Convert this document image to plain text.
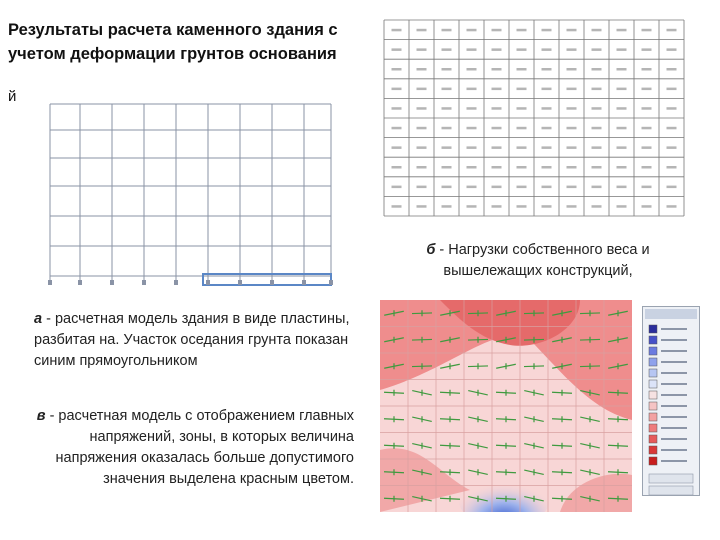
Результаты расчета каменного здания с учетом деформации грунтов основания
й
а - расчетная модель здания в виде пластины, разбитая на. Участок оседания грунта показан синим прямоугольником
б - Нагрузки собственного веса и вышележащих конструкций,
в - расчетная модель с отображением главных напряжений, зоны, в которых величина напряжения оказалась больше допустимого значения выделена красным цветом.
